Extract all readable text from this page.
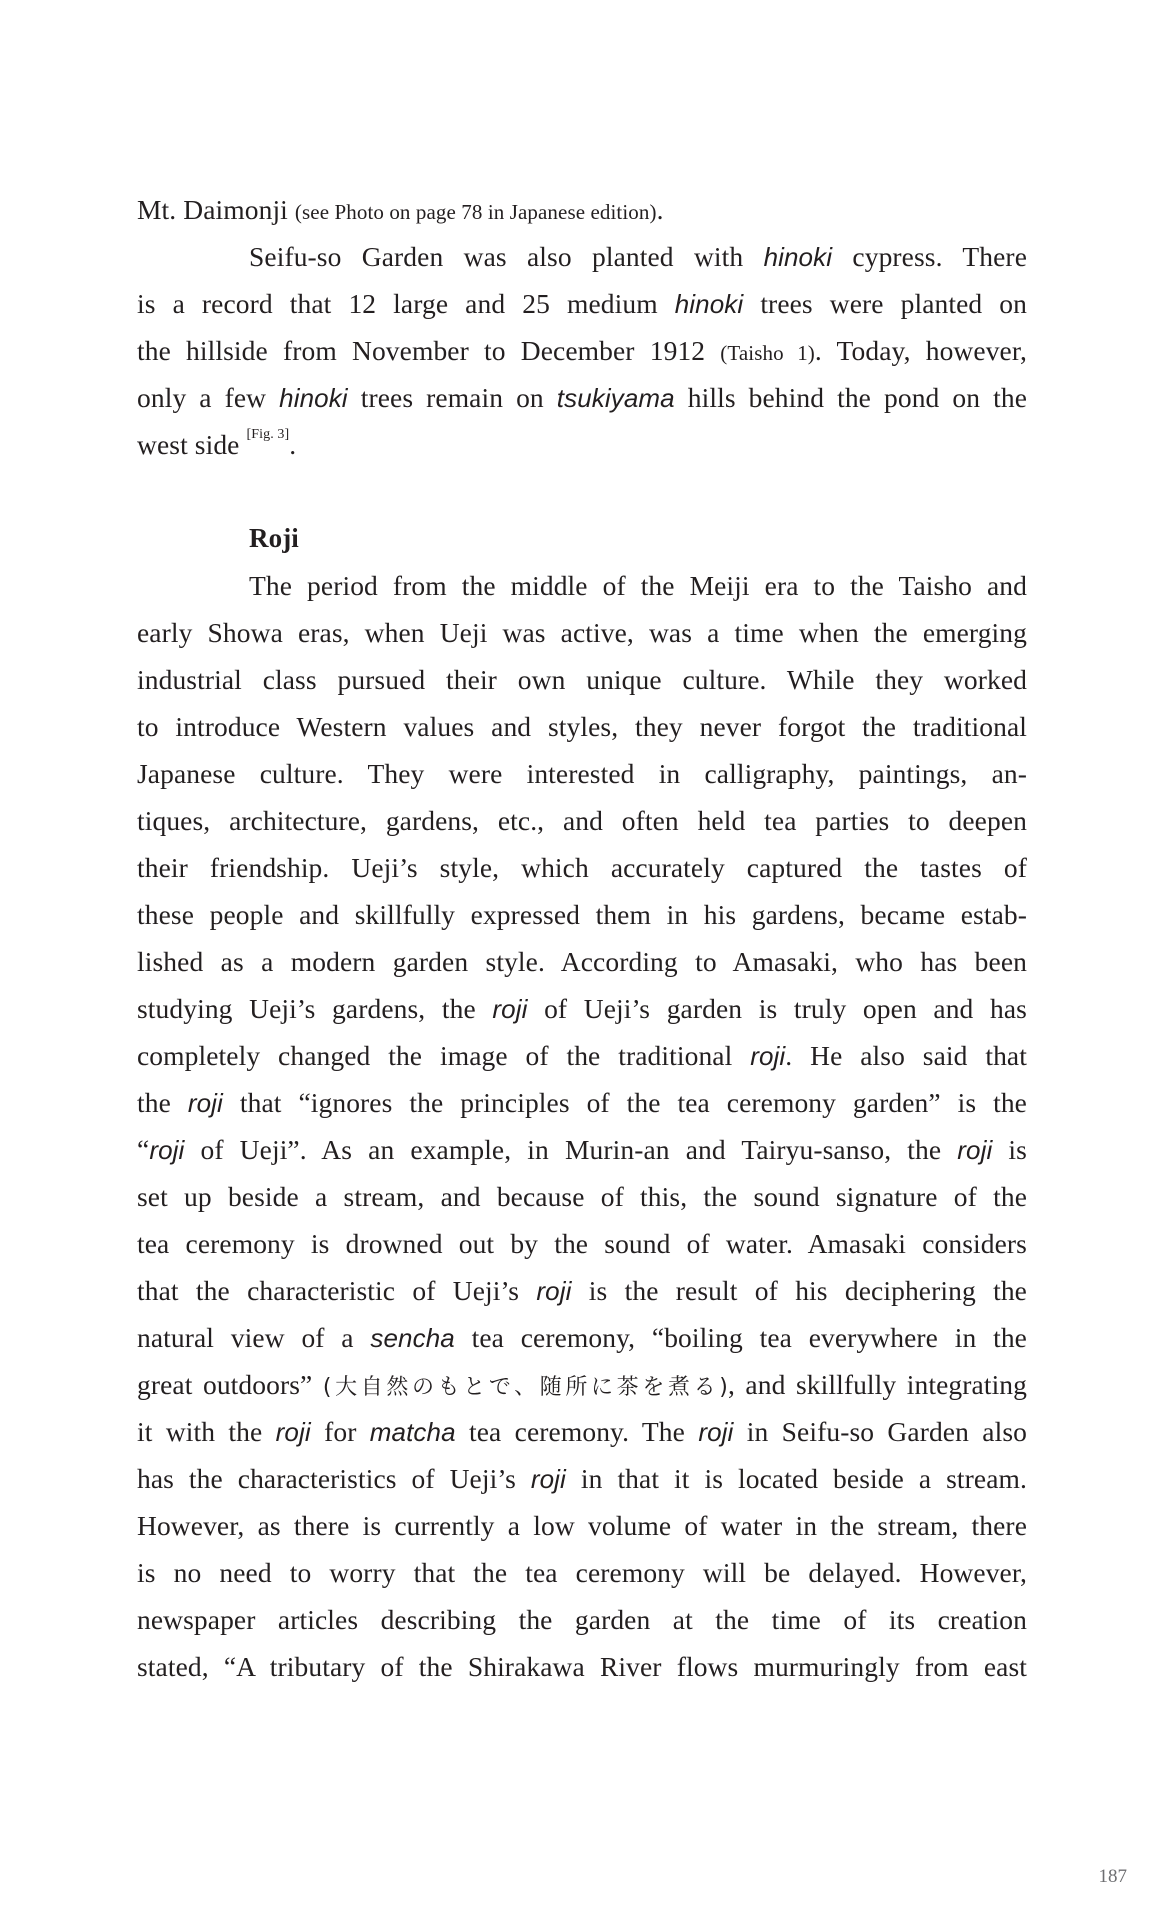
Mt. Daimonji (see Photo on page 78 in Japanese edition).
Seifu-so Garden was also planted with hinoki cypress. There
is a record that 12 large and 25 medium hinoki trees were planted on
the hillside from November to December 1912 (Taisho 1). Today, however,
only a few hinoki trees remain on tsukiyama hills behind the pond on the
west side [Fig. 3].
Roji
The period from the middle of the Meiji era to the Taisho and
early Showa eras, when Ueji was active, was a time when the emerging
industrial class pursued their own unique culture. While they worked
to introduce Western values and styles, they never forgot the traditional
Japanese culture. They were interested in calligraphy, paintings, an-
tiques, architecture, gardens, etc., and often held tea parties to deepen
their friendship. Ueji’s style, which accurately captured the tastes of
these people and skillfully expressed them in his gardens, became estab-
lished as a modern garden style. According to Amasaki, who has been
studying Ueji’s gardens, the roji of Ueji’s garden is truly open and has
completely changed the image of the traditional roji. He also said that
the roji that “ignores the principles of the tea ceremony garden” is the
“roji of Ueji”. As an example, in Murin-an and Tairyu-sanso, the roji is
set up beside a stream, and because of this, the sound signature of the
tea ceremony is drowned out by the sound of water. Amasaki considers
that the characteristic of Ueji’s roji is the result of his deciphering the
natural view of a sencha tea ceremony, “boiling tea everywhere in the
great outdoors” (大自然のもとで、随所に茶を煮る), and skillfully integrating
it with the roji for matcha tea ceremony. The roji in Seifu-so Garden also
has the characteristics of Ueji’s roji in that it is located beside a stream.
However, as there is currently a low volume of water in the stream, there
is no need to worry that the tea ceremony will be delayed. However,
newspaper articles describing the garden at the time of its creation
stated, “A tributary of the Shirakawa River flows murmuringly from east
187
